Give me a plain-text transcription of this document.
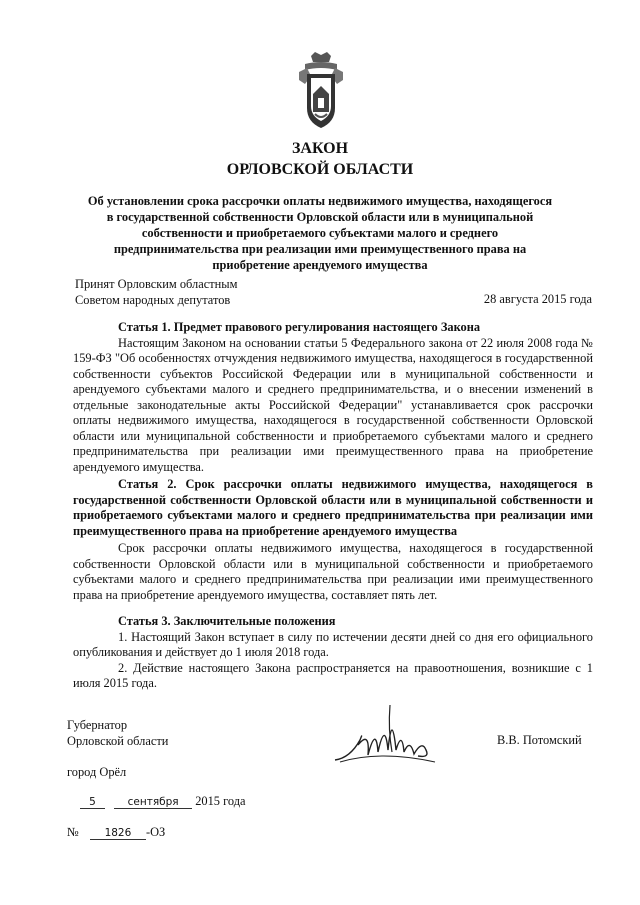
ЗАКОН
ОРЛОВСКОЙ ОБЛАСТИ
Об установлении срока рассрочки оплаты недвижимого имущества, находящегося в государственной собственности Орловской области или в муниципальной собственности и приобретаемого субъектами малого и среднего предпринимательства при реализации ими преимущественного права на приобретение арендуемого имущества
Принят Орловским областным
Советом народных депутатов	28 августа 2015 года
Статья 1. Предмет правового регулирования настоящего Закона
Настоящим Законом на основании статьи 5 Федерального закона от 22 июля 2008 года № 159-ФЗ "Об особенностях отчуждения недвижимого имущества, находящегося в государственной собственности субъектов Российской Федерации или в муниципальной собственности и арендуемого субъектами малого и среднего предпринимательства, и о внесении изменений в отдельные законодательные акты Российской Федерации" устанавливается срок рассрочки оплаты недвижимого имущества, находящегося в государственной собственности Орловской области или муниципальной собственности и приобретаемого субъектами малого и среднего предпринимательства при реализации ими преимущественного права на приобретение арендуемого имущества.
Статья 2. Срок рассрочки оплаты недвижимого имущества, находящегося в государственной собственности Орловской области или в муниципальной собственности и приобретаемого субъектами малого и среднего предпринимательства при реализации ими преимущественного права на приобретение арендуемого имущества
Срок рассрочки оплаты недвижимого имущества, находящегося в государственной собственности Орловской области или в муниципальной собственности и приобретаемого субъектами малого и среднего предпринимательства при реализации ими преимущественного права на приобретение арендуемого имущества, составляет пять лет.
Статья 3. Заключительные положения
1. Настоящий Закон вступает в силу по истечении десяти дней со дня его официального опубликования и действует до 1 июля 2018 года.
2. Действие настоящего Закона распространяется на правоотношения, возникшие с 1 июля 2015 года.
Губернатор
Орловской области	В.В. Потомский
город Орёл
5	сентября 2015 года
№ 1826 -ОЗ
